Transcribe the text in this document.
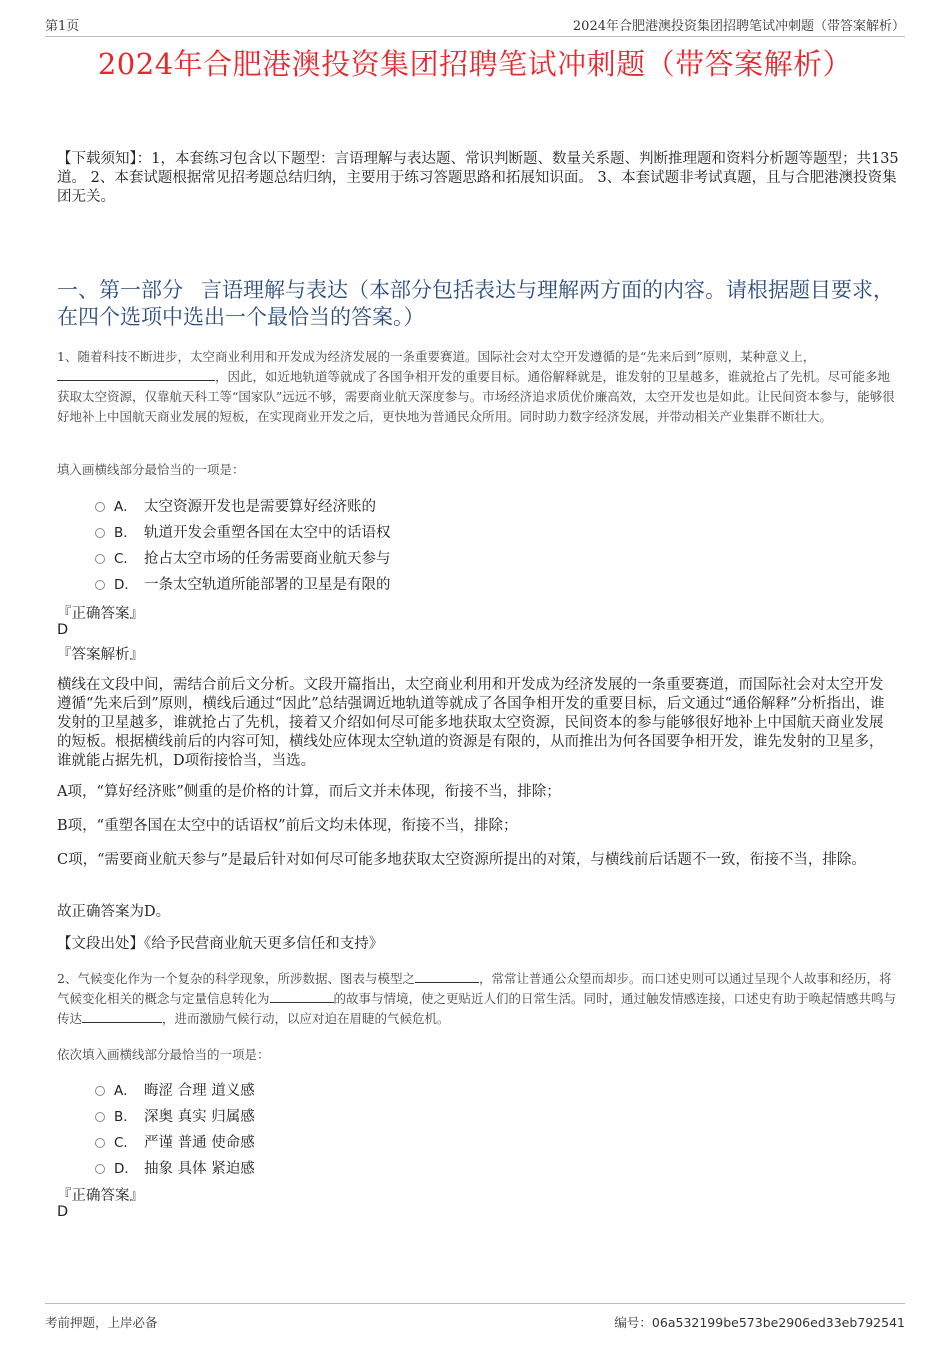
第1页	2024年合肥港澳投资集团招聘笔试冲刺题（带答案解析）
2024年合肥港澳投资集团招聘笔试冲刺题（带答案解析）
【下载须知】：1，本套练习包含以下题型：言语理解与表达题、常识判断题、数量关系题、判断推理题和资料分析题等题型；共135道。 2、本套试题根据常见招考题总结归纳，主要用于练习答题思路和拓展知识面。 3、本套试题非考试真题，且与合肥港澳投资集团无关。
一、第一部分 言语理解与表达（本部分包括表达与理解两方面的内容。请根据题目要求，在四个选项中选出一个最恰当的答案。）
1、随着科技不断进步，太空商业利用和开发成为经济发展的一条重要赛道。国际社会对太空开发遵循的是“先来后到”原则，某种意义上，
，因此，如近地轨道等就成了各国争相开发的重要目标。通俗解释就是，谁发射的卫星越多，谁就抢占了先机。尽可能多地获取太空资源，仅靠航天科工等“国家队”远远不够，需要商业航天深度参与。市场经济追求质优价廉高效，太空开发也是如此。让民间资本参与，能够很好地补上中国航天商业发展的短板，在实现商业开发之后，更快地为普通民众所用。同时助力数字经济发展，并带动相关产业集群不断壮大。
填入画横线部分最恰当的一项是：
A． 太空资源开发也是需要算好经济账的
B． 轨道开发会重塑各国在太空中的话语权
C． 抢占太空市场的任务需要商业航天参与
D． 一条太空轨道所能部署的卫星是有限的
『正确答案』
D
『答案解析』
横线在文段中间，需结合前后文分析。文段开篇指出，太空商业利用和开发成为经济发展的一条重要赛道，而国际社会对太空开发遵循“先来后到”原则，横线后通过“因此”总结强调近地轨道等就成了各国争相开发的重要目标，后文通过“通俗解释”分析指出，谁发射的卫星越多，谁就抢占了先机，接着又介绍如何尽可能多地获取太空资源，民间资本的参与能够很好地补上中国航天商业发展的短板。根据横线前后的内容可知，横线处应体现太空轨道的资源是有限的，从而推出为何各国要争相开发，谁先发射的卫星多，谁就能占据先机，D项衔接恰当，当选。
A项，“算好经济账”侧重的是价格的计算，而后文并未体现，衔接不当，排除；
B项，“重塑各国在太空中的话语权”前后文均未体现，衔接不当，排除；
C项，“需要商业航天参与”是最后针对如何尽可能多地获取太空资源所提出的对策，与横线前后话题不一致，衔接不当，排除。
故正确答案为D。
【文段出处】《给予民营商业航天更多信任和支持》
2、气候变化作为一个复杂的科学现象，所涉数据、图表与模型之	，常常让普通公众望而却步。而口述史则可以通过呈现个人故事和经历，将气候变化相关的概念与定量信息转化为	的故事与情境，使之更贴近人们的日常生活。同时，通过触发情感连接，口述史有助于唤起情感共鸣与传达	，进而激励气候行动，以应对迫在眉睫的气候危机。
依次填入画横线部分最恰当的一项是：
A． 晦涩 合理 道义感
B． 深奥 真实 归属感
C． 严谨 普通 使命感
D． 抽象 具体 紧迫感
『正确答案』
D
考前押题，上岸必备	编号：06a532199be573be2906ed33eb792541
